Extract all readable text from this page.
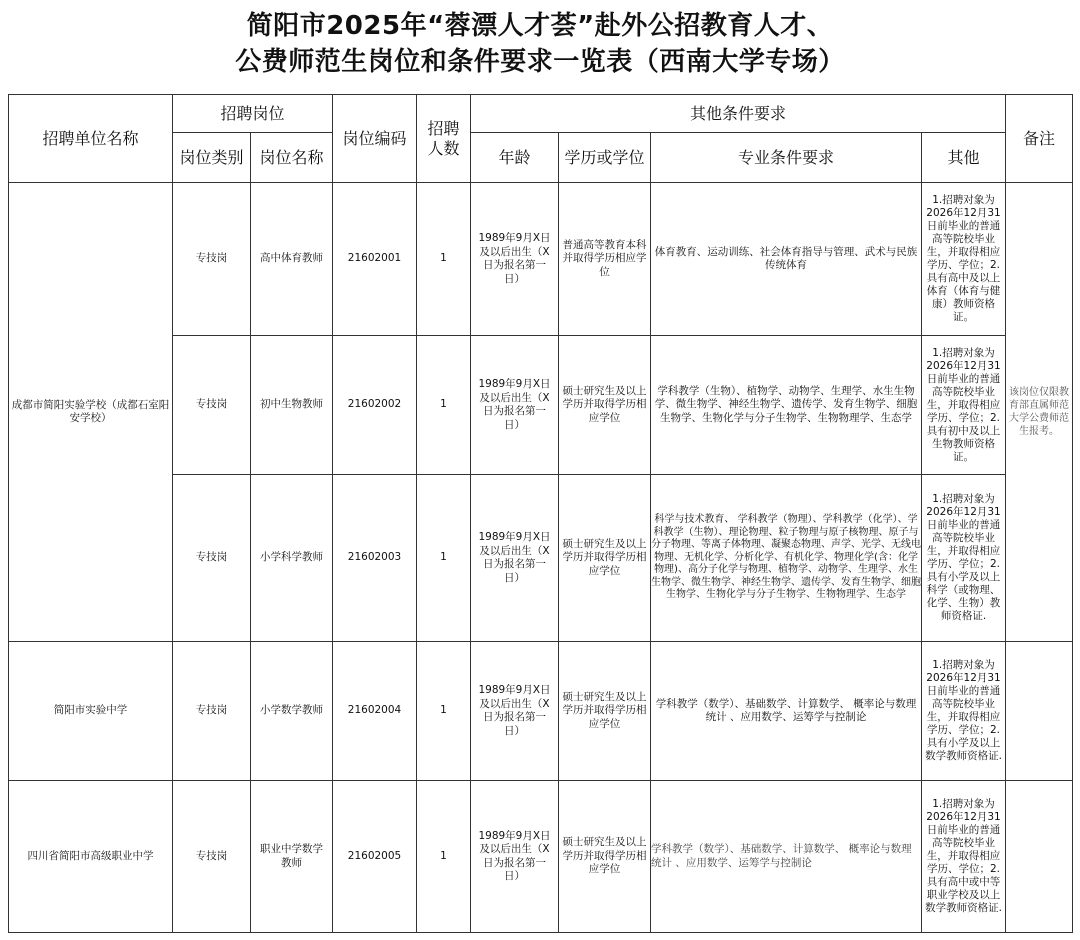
简阳市2025年“蓉漂人才荟”赴外公招教育人才、
公费师范生岗位和条件要求一览表（西南大学专场）
招聘单位名称	招聘岗位		岗位编码	招聘人数	其他条件要求				备注
	岗位类别	岗位名称			年龄	学历或学位	专业条件要求	其他	
成都市简阳实验学校（成都石室阳安学校）	专技岗	高中体育教师	21602001	1	1989年9月X日及以后出生（X日为报名第一日）	普通高等教育本科并取得学历相应学位	体育教育、运动训练、社会体育指导与管理、武术与民族传统体育	1.招聘对象为2026年12月31日前毕业的普通高等院校毕业生，并取得相应学历、学位；2.具有高中及以上体育（体育与健康）教师资格证。	该岗位仅限教育部直属师范大学公费师范生报考。
	专技岗	初中生物教师	21602002	1	1989年9月X日及以后出生（X日为报名第一日）	硕士研究生及以上学历并取得学历相应学位	学科教学（生物）、植物学、动物学、生理学、水生生物学、微生物学、神经生物学、遗传学、发育生物学、细胞生物学、生物化学与分子生物学、生物物理学、生态学	1.招聘对象为2026年12月31日前毕业的普通高等院校毕业生，并取得相应学历、学位；2.具有初中及以上生物教师资格证。	
	专技岗	小学科学教师	21602003	1	1989年9月X日及以后出生（X日为报名第一日）	硕士研究生及以上学历并取得学历相应学位	科学与技术教育、 学科教学（物理）、学科教学（化学）、学科教学（生物）、理论物理、粒子物理与原子核物理、原子与分子物理、等离子体物理、凝聚态物理、声学、光学、无线电物理、无机化学、分析化学、有机化学、物理化学(含：化学物理)、高分子化学与物理、植物学、动物学、生理学、水生生物学、微生物学、神经生物学、遗传学、发育生物学、细胞生物学、生物化学与分子生物学、生物物理学、生态学	1.招聘对象为2026年12月31日前毕业的普通高等院校毕业生，并取得相应学历、学位；2.具有小学及以上科学（或物理、化学、生物）教师资格证.	
简阳市实验中学	专技岗	小学数学教师	21602004	1	1989年9月X日及以后出生（X日为报名第一日）	硕士研究生及以上学历并取得学历相应学位	学科教学（数学）、基础数学、计算数学、 概率论与数理统计 、应用数学、运筹学与控制论	1.招聘对象为2026年12月31日前毕业的普通高等院校毕业生，并取得相应学历、学位；2.具有小学及以上数学教师资格证.	
四川省简阳市高级职业中学	专技岗	职业中学数学教师	21602005	1	1989年9月X日及以后出生（X日为报名第一日）	硕士研究生及以上学历并取得学历相应学位	学科教学（数学）、基础数学、计算数学、 概率论与数理统计 、应用数学、运筹学与控制论	1.招聘对象为2026年12月31日前毕业的普通高等院校毕业生，并取得相应学历、学位；2.具有高中或中等职业学校及以上数学教师资格证.	
